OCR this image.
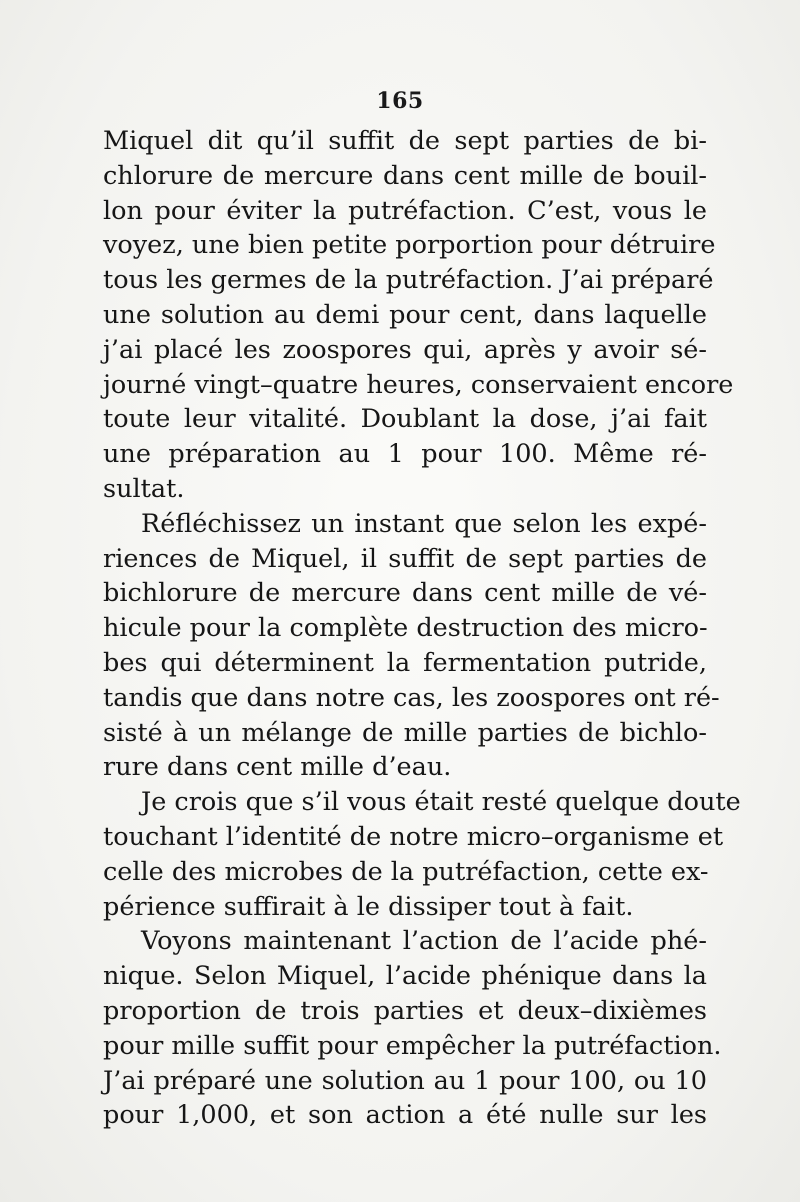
165
Miquel dit qu’il suffit de sept parties de bi-
chlorure de mercure dans cent mille de bouil-
lon pour éviter la putréfaction. C’est, vous le
voyez, une bien petite porportion pour détruire
tous les germes de la putréfaction. J’ai préparé
une solution au demi pour cent, dans laquelle
j’ai placé les zoospores qui, après y avoir sé-
journé vingt–quatre heures, conservaient encore
toute leur vitalité. Doublant la dose, j’ai fait
une préparation au 1 pour 100. Même ré-
sultat.
Réfléchissez un instant que selon les expé-
riences de Miquel, il suffit de sept parties de
bichlorure de mercure dans cent mille de vé-
hicule pour la complète destruction des micro-
bes qui déterminent la fermentation putride,
tandis que dans notre cas, les zoospores ont ré-
sisté à un mélange de mille parties de bichlo-
rure dans cent mille d’eau.
Je crois que s’il vous était resté quelque doute
touchant l’identité de notre micro–organisme et
celle des microbes de la putréfaction, cette ex-
périence suffirait à le dissiper tout à fait.
Voyons maintenant l’action de l’acide phé-
nique. Selon Miquel, l’acide phénique dans la
proportion de trois parties et deux–dixièmes
pour mille suffit pour empêcher la putréfaction.
J’ai préparé une solution au 1 pour 100, ou 10
pour 1,000, et son action a été nulle sur les
